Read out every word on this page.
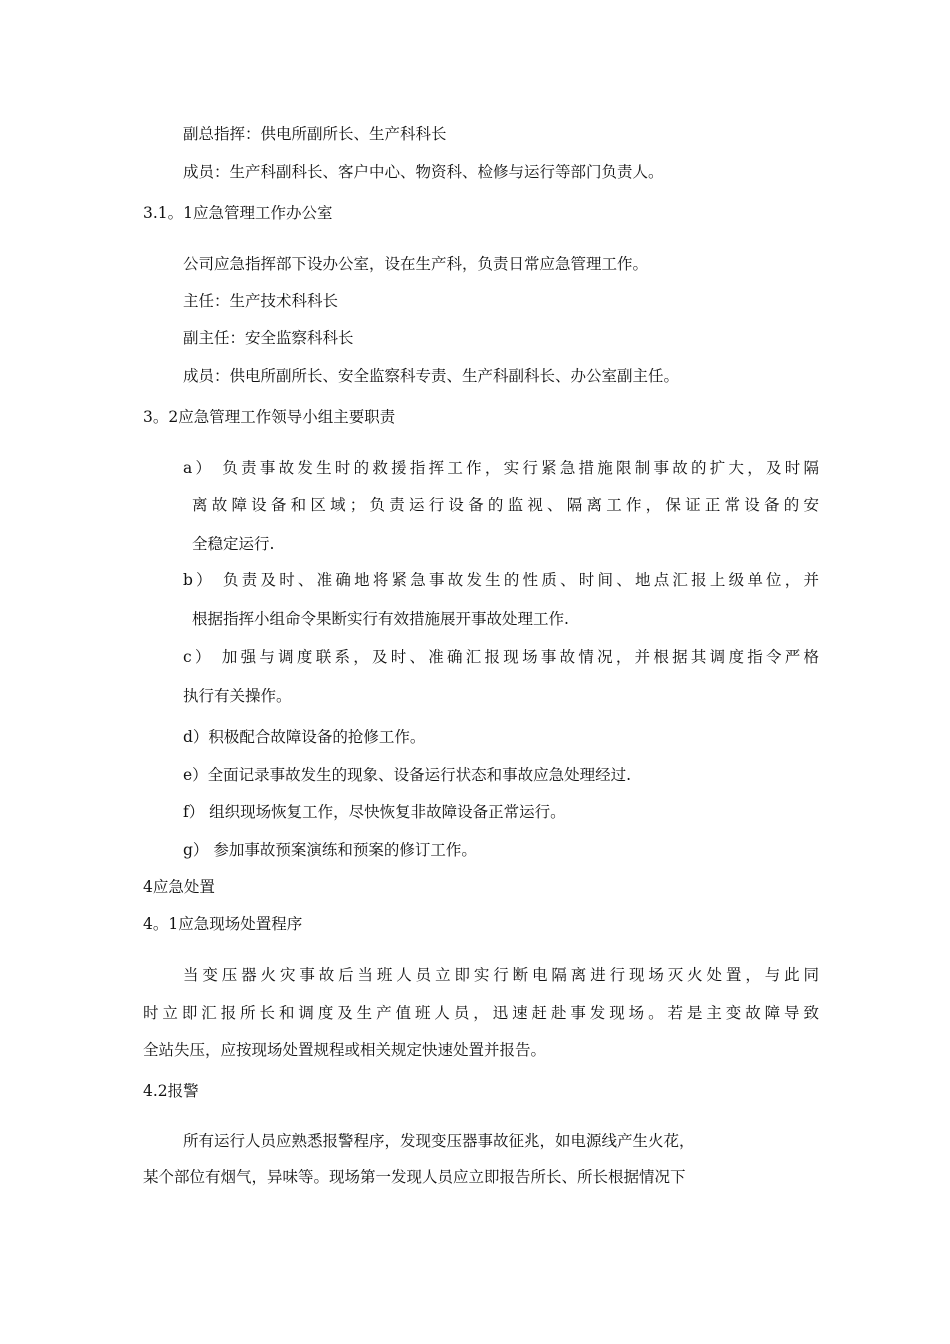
副总指挥：供电所副所长、生产科科长

成员：生产科副科长、客户中心、物资科、检修与运行等部门负责人。

3.1。1应急管理工作办公室

公司应急指挥部下设办公室，设在生产科，负责日常应急管理工作。

主任：生产技术科科长

副主任：安全监察科科长

成员：供电所副所长、安全监察科专责、生产科副科长、办公室副主任。

3。2应急管理工作领导小组主要职责

a） 负责事故发生时的救援指挥工作，实行紧急措施限制事故的扩大，及时隔

离故障设备和区域；负责运行设备的监视、隔离工作，保证正常设备的安

全稳定运行.

b） 负责及时、准确地将紧急事故发生的性质、时间、地点汇报上级单位，并

根据指挥小组命令果断实行有效措施展开事故处理工作.

c） 加强与调度联系，及时、准确汇报现场事故情况，并根据其调度指令严格

执行有关操作。

d）积极配合故障设备的抢修工作。

e）全面记录事故发生的现象、设备运行状态和事故应急处理经过.

f） 组织现场恢复工作，尽快恢复非故障设备正常运行。

g） 参加事故预案演练和预案的修订工作。

4应急处置

4。1应急现场处置程序

当变压器火灾事故后当班人员立即实行断电隔离进行现场灭火处置，与此同

时立即汇报所长和调度及生产值班人员，迅速赶赴事发现场。若是主变故障导致

全站失压，应按现场处置规程或相关规定快速处置并报告。

4.2报警

所有运行人员应熟悉报警程序，发现变压器事故征兆，如电源线产生火花，

某个部位有烟气，异味等。现场第一发现人员应立即报告所长、所长根据情况下
